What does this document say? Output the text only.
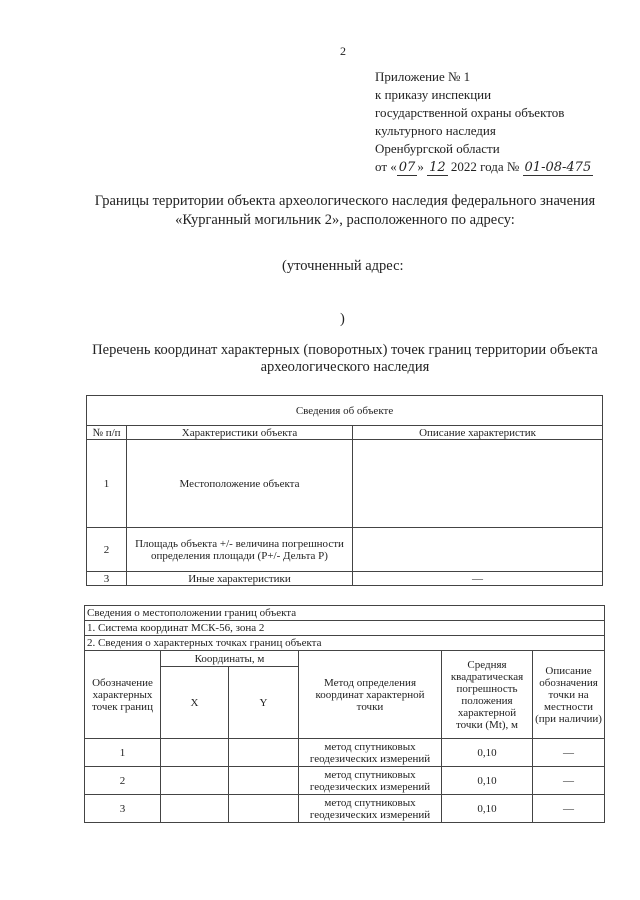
2
Приложение № 1
к приказу инспекции
государственной охраны объектов
культурного наследия
Оренбургской области
от « 07 » 12 2022 года № 01-08-475
Границы территории объекта археологического наследия федерального значения «Курганный могильник 2», расположенного по адресу:
(уточненный адрес:
)
Перечень координат характерных (поворотных) точек границ территории объекта археологического наследия
Сведения об объекте		
№ п/п	Характеристики объекта	Описание характеристик
1	Местоположение объекта	
2	Площадь объекта +/- величина погрешности определения площади (Р+/- Дельта Р)	
3	Иные характеристики	—
Сведения о местоположении границ объекта					
1. Система координат МСК-56, зона 2					
2. Сведения о характерных точках границ объекта					
Обозначение характерных точек границ	Координаты, м		Метод определения координат характерной точки	Средняя квадратическая погрешность положения характерной точки (Mt), м	Описание обозначения точки на местности (при наличии)
	X	Y			
1			метод спутниковых геодезических измерений	0,10	—
2			метод спутниковых геодезических измерений	0,10	—
3			метод спутниковых геодезических измерений	0,10	—
